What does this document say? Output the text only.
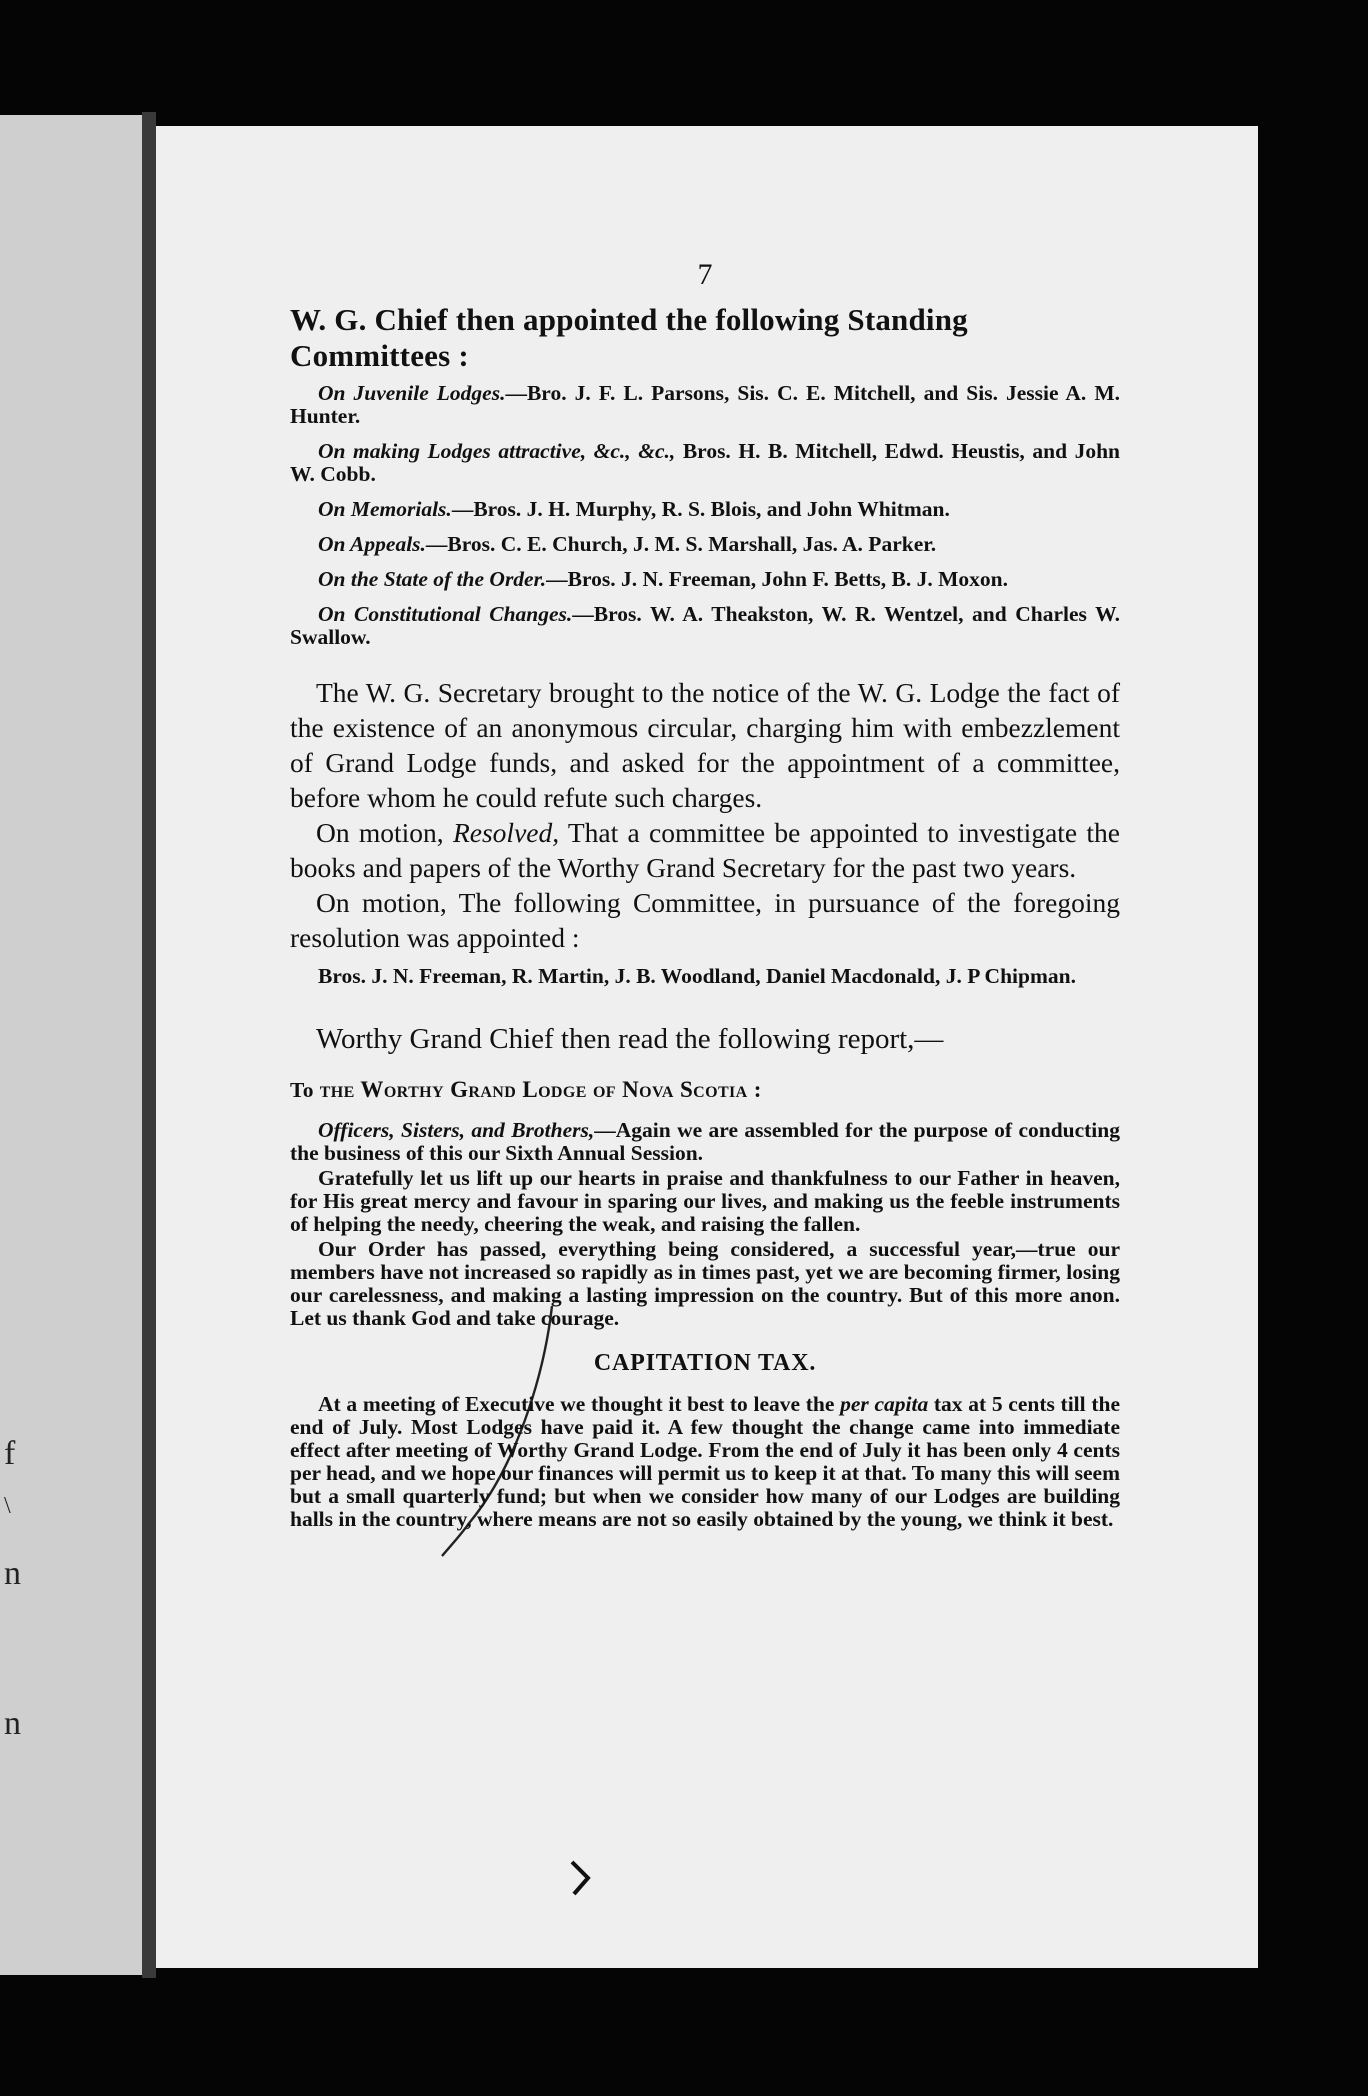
f
\
n
n
7

W. G. Chief then appointed the following Standing Committees :

On Juvenile Lodges.—Bro. J. F. L. Parsons, Sis. C. E. Mitchell, and Sis. Jessie A. M. Hunter.

On making Lodges attractive, &c., &c., Bros. H. B. Mitchell, Edwd. Heustis, and John W. Cobb.

On Memorials.—Bros. J. H. Murphy, R. S. Blois, and John Whitman.

On Appeals.—Bros. C. E. Church, J. M. S. Marshall, Jas. A. Parker.

On the State of the Order.—Bros. J. N. Freeman, John F. Betts, B. J. Moxon.

On Constitutional Changes.—Bros. W. A. Theakston, W. R. Wentzel, and Charles W. Swallow.

The W. G. Secretary brought to the notice of the W. G. Lodge the fact of the existence of an anonymous circular, charging him with embezzlement of Grand Lodge funds, and asked for the appointment of a committee, before whom he could refute such charges.

On motion, Resolved, That a committee be appointed to investigate the books and papers of the Worthy Grand Secretary for the past two years.

On motion, The following Committee, in pursuance of the foregoing resolution was appointed :

Bros. J. N. Freeman, R. Martin, J. B. Woodland, Daniel Macdonald, J. P Chipman.

Worthy Grand Chief then read the following report,—

To the Worthy Grand Lodge of Nova Scotia :

Officers, Sisters, and Brothers,—Again we are assembled for the purpose of conducting the business of this our Sixth Annual Session.

Gratefully let us lift up our hearts in praise and thankfulness to our Father in heaven, for His great mercy and favour in sparing our lives, and making us the feeble instruments of helping the needy, cheering the weak, and raising the fallen.

Our Order has passed, everything being considered, a successful year,—true our members have not increased so rapidly as in times past, yet we are becoming firmer, losing our carelessness, and making a lasting impression on the country. But of this more anon. Let us thank God and take courage.

CAPITATION TAX.

At a meeting of Executive we thought it best to leave the per capita tax at 5 cents till the end of July. Most Lodges have paid it. A few thought the change came into immediate effect after meeting of Worthy Grand Lodge. From the end of July it has been only 4 cents per head, and we hope our finances will permit us to keep it at that. To many this will seem but a small quarterly fund; but when we consider how many of our Lodges are building halls in the country, where means are not so easily obtained by the young, we think it best.
